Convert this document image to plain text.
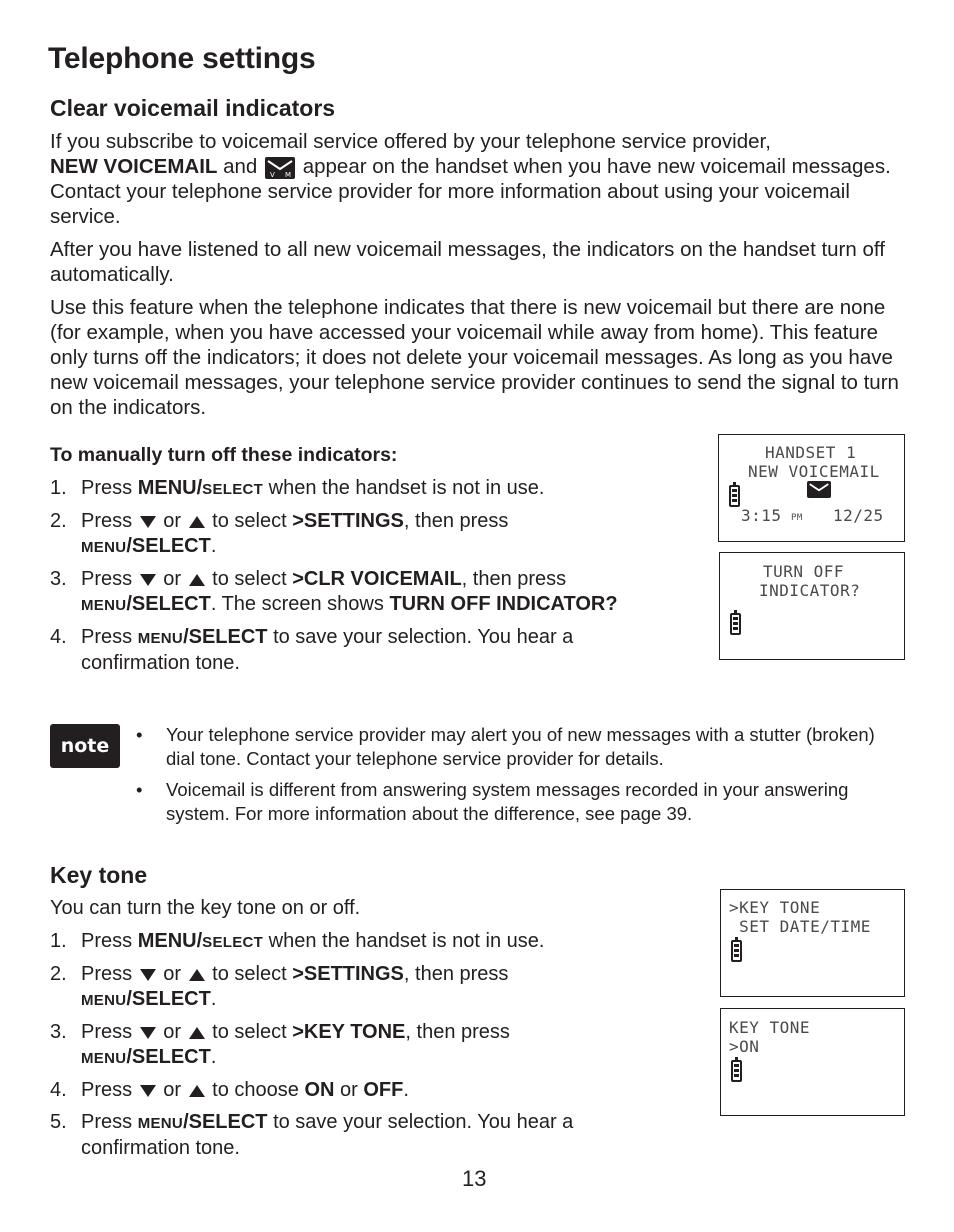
Telephone settings
Clear voicemail indicators

If you subscribe to voicemail service offered by your telephone service provider,
NEW VOICEMAIL and V M appear on the handset when you have new voicemail messages. Contact your telephone service provider for more information about using your voicemail service.

After you have listened to all new voicemail messages, the indicators on the handset turn off automatically.

Use this feature when the telephone indicates that there is new voicemail but there are none (for example, when you have accessed your voicemail while away from home). This feature only turns off the indicators; it does not delete your voicemail messages. As long as you have new voicemail messages, your telephone service provider continues to send the signal to turn on the indicators.

To manually turn off these indicators:
1. Press MENU/SELECT when the handset is not in use.
2. Press  or  to select >SETTINGS, then press
MENU/SELECT.
3. Press  or  to select >CLR VOICEMAIL, then press MENU/SELECT. The screen shows TURN OFF INDICATOR?
4. Press MENU/SELECT to save your selection. You hear a confirmation tone.
HANDSET 1
NEW VOICEMAIL
3:15 PM 12/25
TURN OFF
INDICATOR?
note
• Your telephone service provider may alert you of new messages with a stutter (broken) dial tone. Contact your telephone service provider for details.
• Voicemail is different from answering system messages recorded in your answering system. For more information about the difference, see page 39.
Key tone
You can turn the key tone on or off.
1. Press MENU/SELECT when the handset is not in use.
2. Press  or  to select >SETTINGS, then press
MENU/SELECT.
3. Press  or  to select >KEY TONE, then press
MENU/SELECT.
4. Press  or  to choose ON or OFF.
5. Press MENU/SELECT to save your selection. You hear a confirmation tone.
>KEY TONE
SET DATE/TIME
KEY TONE
>ON
13
